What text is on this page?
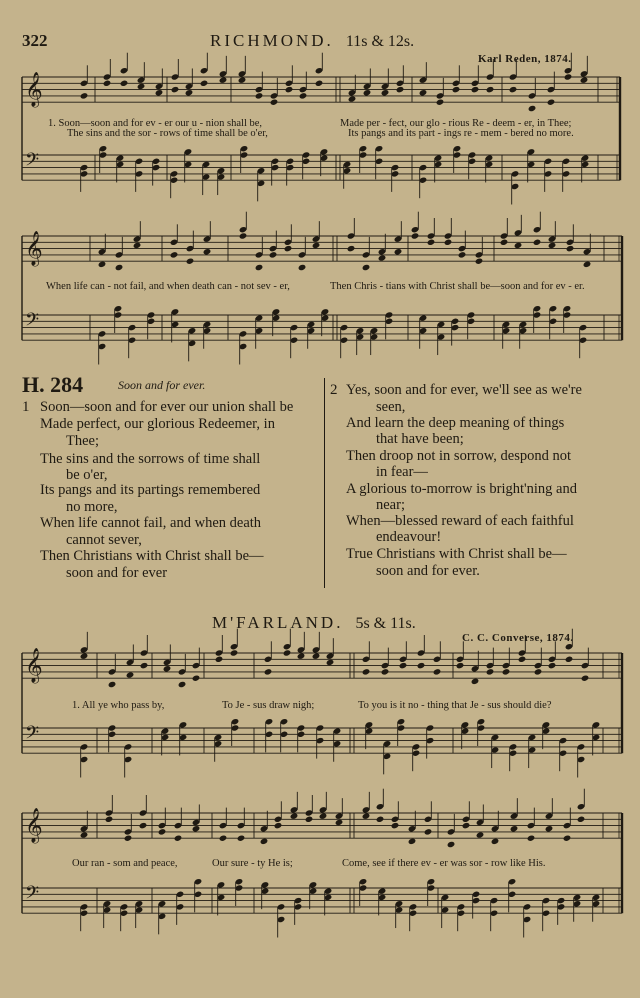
322	RICHMOND. 11s & 12s.
Karl Reden, 1874.
𝄞
𝄢
𝄞
𝄢
𝄞
𝄢
𝄞
𝄢
1. Soon—soon and for ev - er our u - nion shall be,
The sins and the sor - rows of time shall be o'er,
Made per - fect, our glo - rious Re - deem - er, in Thee;
Its pangs and its part - ings re - mem - bered no more.
When life can - not fail, and when death can - not sev - er,	Then Chris - tians with Christ shall be—soon and for ev - er.
H. 284	Soon and for ever.
1 Soon—soon and for ever our union shall be
Made perfect, our glorious Redeemer, in
Thee;
The sins and the sorrows of time shall
be o'er,
Its pangs and its partings remembered
no more,
When life cannot fail, and when death
cannot sever,
Then Christians with Christ shall be—
soon and for ever
2 Yes, soon and for ever, we'll see as we're
seen,
And learn the deep meaning of things
that have been;
Then droop not in sorrow, despond not
in fear—
A glorious to-morrow is bright'ning and
near;
When—blessed reward of each faithful
endeavour!
True Christians with Christ shall be—
soon and for ever.
M'FARLAND. 5s & 11s.
C. C. Converse, 1874.
1. All ye who pass by,	To Je - sus draw nigh;	To you is it no - thing that Je - sus should die?
Our ran - som and peace,	Our sure - ty He is;	Come, see if there ev - er was sor - row like His.
